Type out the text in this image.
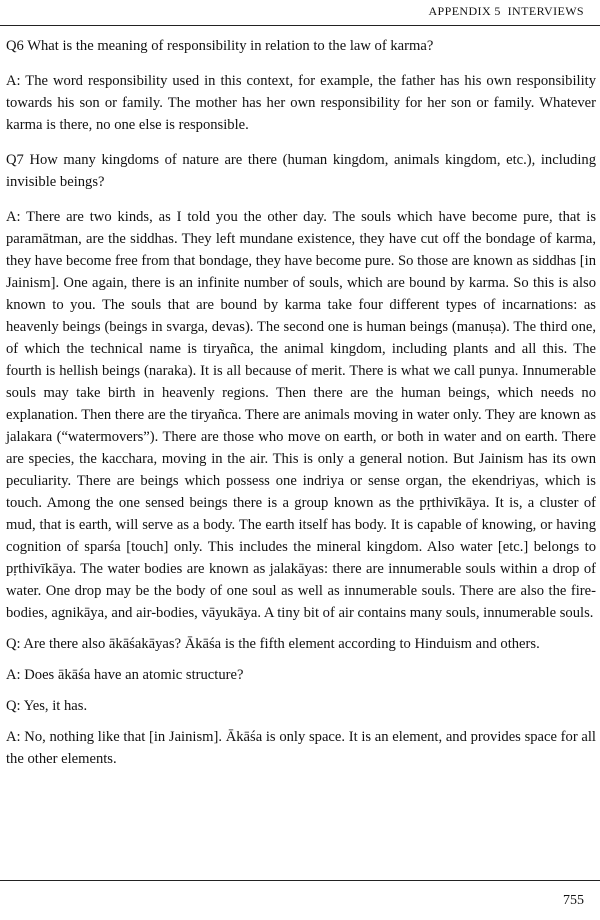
APPENDIX 5 INTERVIEWS

Q6 What is the meaning of responsibility in relation to the law of karma?

A: The word responsibility used in this context, for example, the father has his own responsibility towards his son or family. The mother has her own responsibility for her son or family. Whatever karma is there, no one else is responsible.

Q7 How many kingdoms of nature are there (human kingdom, animals kingdom, etc.), including invisible beings?

A: There are two kinds, as I told you the other day. The souls which have become pure, that is paramātman, are the siddhas. They left mundane existence, they have cut off the bondage of karma, they have become free from that bondage, they have become pure. So those are known as siddhas [in Jainism]. One again, there is an infinite number of souls, which are bound by karma. So this is also known to you. The souls that are bound by karma take four different types of incarnations: as heavenly beings (beings in svarga, devas). The second one is human beings (manuṣa). The third one, of which the technical name is tiryañca, the animal kingdom, including plants and all this. The fourth is hellish beings (naraka). It is all because of merit. There is what we call punya. Innumerable souls may take birth in heavenly regions. Then there are the human beings, which needs no explanation. Then there are the tiryañca. There are animals moving in water only. They are known as jalakara (“watermovers”). There are those who move on earth, or both in water and on earth. There are species, the kacchara, moving in the air. This is only a general notion. But Jainism has its own peculiarity. There are beings which possess one indriya or sense organ, the ekendriyas, which is touch. Among the one sensed beings there is a group known as the pṛthivīkāya. It is, a cluster of mud, that is earth, will serve as a body. The earth itself has body. It is capable of knowing, or having cognition of sparśa [touch] only. This includes the mineral kingdom. Also water [etc.] belongs to pṛthivīkāya. The water bodies are known as jalakāyas: there are innumerable souls within a drop of water. One drop may be the body of one soul as well as innumerable souls. There are also the fire-bodies, agnikāya, and air-bodies, vāyukāya. A tiny bit of air contains many souls, innumerable souls.

Q: Are there also ākāśakāyas? Ākāśa is the fifth element according to Hinduism and others.

A: Does ākāśa have an atomic structure?

Q: Yes, it has.

A: No, nothing like that [in Jainism]. Ākāśa is only space. It is an element, and provides space for all the other elements.

755
